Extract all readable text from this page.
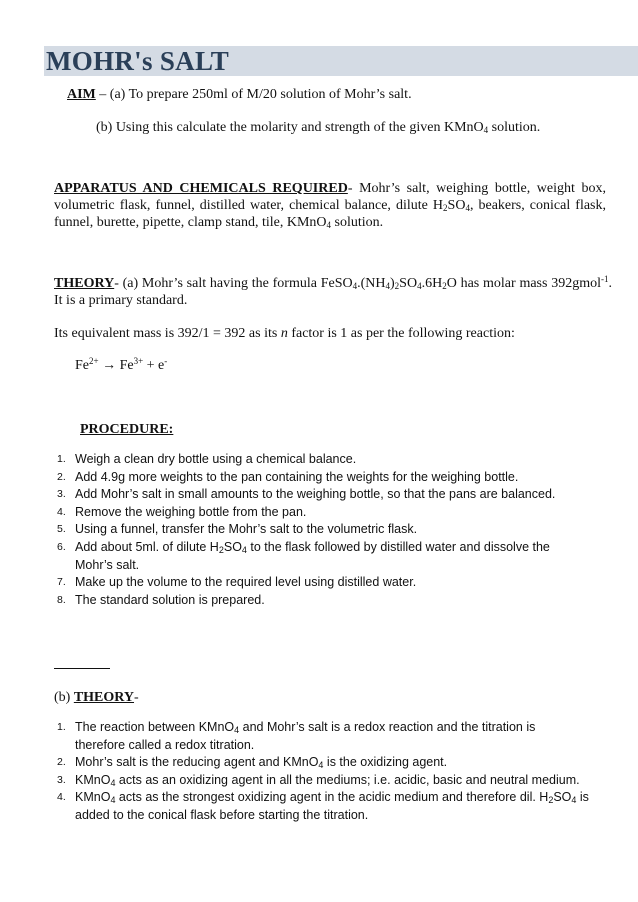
MOHR's SALT
AIM – (a) To prepare 250ml of M/20 solution of Mohr’s salt.
(b) Using this calculate the molarity and strength of the given KMnO$_4$ solution.
APPARATUS AND CHEMICALS REQUIRED- Mohr’s salt, weighing bottle, weight box,
volumetric flask, funnel, distilled water, chemical balance, dilute $H_2SO_4$, beakers, conical flask,
funnel, burette, pipette, clamp stand, tile, KMnO$_4$ solution.
THEORY- (a) Mohr’s salt having the formula $FeSO_4.(NH_4)_2SO_4.6H_2O$ has molar mass 392gmol$^{-1}$.
It is a primary standard.
Its equivalent mass is 392/1 = 392 as its n factor is 1 as per the following reaction:
$Fe^{2+} \to Fe^{3+} + e^-$
PROCEDURE:
1. Weigh a clean dry bottle using a chemical balance.
2. Add 4.9g more weights to the pan containing the weights for the weighing bottle.
3. Add Mohr’s salt in small amounts to the weighing bottle, so that the pans are balanced.
4. Remove the weighing bottle from the pan.
5. Using a funnel, transfer the Mohr’s salt to the volumetric flask.
6. Add about 5ml. of dilute $H_2SO_4$ to the flask followed by distilled water and dissolve the
Mohr’s salt.
7. Make up the volume to the required level using distilled water.
8. The standard solution is prepared.
(b) THEORY-
1. The reaction between KMnO$_4$ and Mohr’s salt is a redox reaction and the titration is
therefore called a redox titration.
2. Mohr’s salt is the reducing agent and KMnO$_4$ is the oxidizing agent.
3. KMnO$_4$ acts as an oxidizing agent in all the mediums; i.e. acidic, basic and neutral medium.
4. KMnO$_4$ acts as the strongest oxidizing agent in the acidic medium and therefore dil. $H_2SO_4$ is
added to the conical flask before starting the titration.
